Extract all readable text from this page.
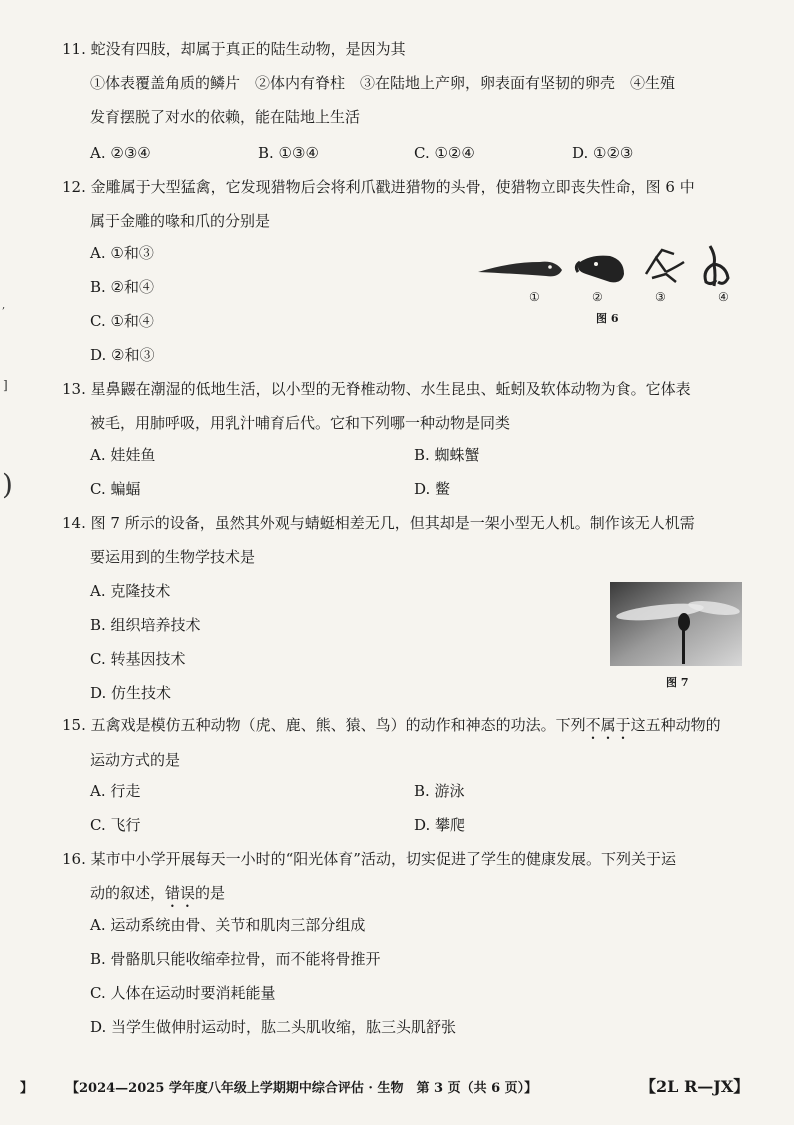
11. 蛇没有四肢，却属于真正的陆生动物，是因为其

①体表覆盖角质的鳞片　②体内有脊柱　③在陆地上产卵，卵表面有坚韧的卵壳　④生殖

发育摆脱了对水的依赖，能在陆地上生活

A. ②③④	B. ①③④	C. ①②④	D. ①②③

12. 金雕属于大型猛禽，它发现猎物后会将利爪戳进猎物的头骨，使猎物立即丧失性命，图 6 中

属于金雕的喙和爪的分别是

A. ①和③
B. ②和④
C. ①和④
D. ②和③
①	②	③	④
图 6

13. 星鼻鼹在潮湿的低地生活，以小型的无脊椎动物、水生昆虫、蚯蚓及软体动物为食。它体表

被毛，用肺呼吸，用乳汁哺育后代。它和下列哪一种动物是同类

A. 娃娃鱼	B. 蜘蛛蟹
C. 蝙蝠	D. 鳖

14. 图 7 所示的设备，虽然其外观与蜻蜓相差无几，但其却是一架小型无人机。制作该无人机需

要运用到的生物学技术是

A. 克隆技术
B. 组织培养技术
C. 转基因技术
D. 仿生技术
图 7

15. 五禽戏是模仿五种动物（虎、鹿、熊、猿、鸟）的动作和神态的功法。下列不属于这五种动物的

运动方式的是

A. 行走	B. 游泳
C. 飞行	D. 攀爬

16. 某市中小学开展每天一小时的“阳光体育”活动，切实促进了学生的健康发展。下列关于运

动的叙述，错误的是

A. 运动系统由骨、关节和肌肉三部分组成
B. 骨骼肌只能收缩牵拉骨，而不能将骨推开
C. 人体在运动时要消耗能量
D. 当学生做伸肘运动时，肱二头肌收缩，肱三头肌舒张
,
]
)
】	【2024—2025 学年度八年级上学期期中综合评估 · 生物　第 3 页（共 6 页）】	【2L R—JX】
